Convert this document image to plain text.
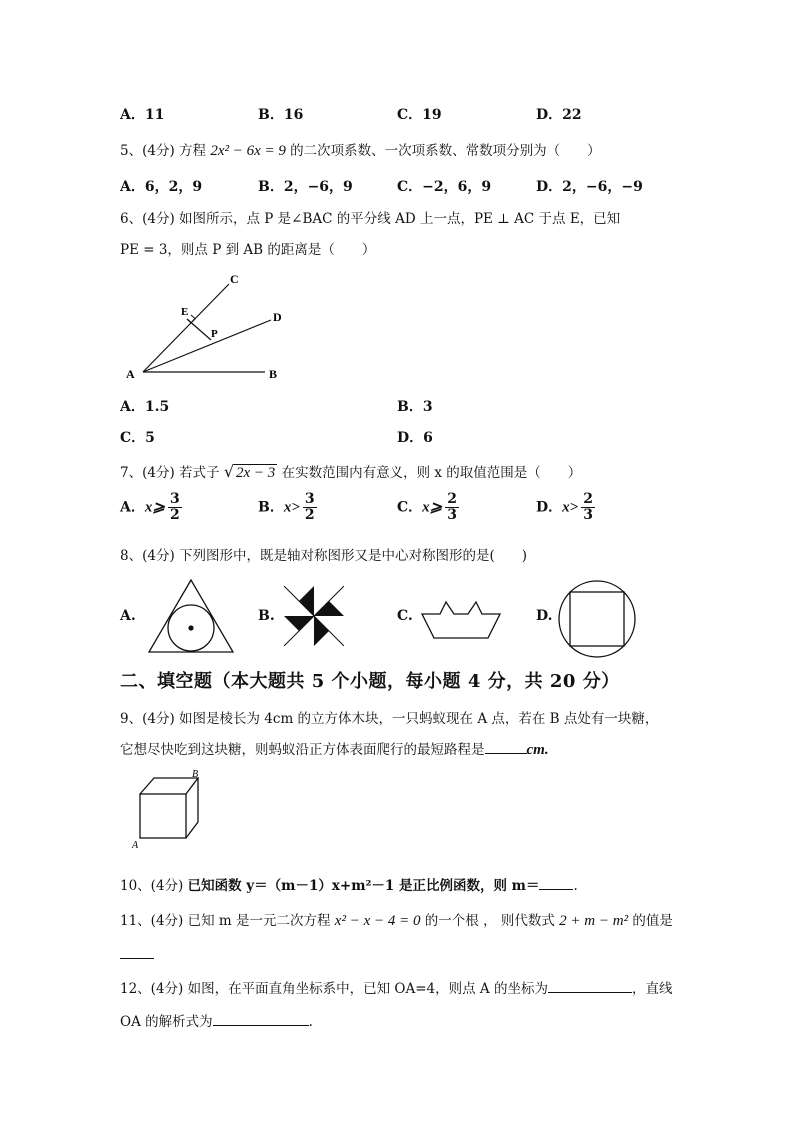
A．11	B．16	C．19	D．22
5、(4分) 方程 2x² − 6x = 9 的二次项系数、一次项系数、常数项分别为（　　）
A．6，2，9	B．2，−6，9	C．−2，6，9	D．2，−6，−9
6、(4分) 如图所示，点 P 是∠BAC 的平分线 AD 上一点，PE ⊥ AC 于点 E，已知
PE = 3，则点 P 到 AB 的距离是（　　）
A	B
C
D
E
P
A．1.5	B．3
C．5	D．6
7、(4分) 若式子 √ 2x − 3 在实数范围内有意义，则 x 的取值范围是（　　）
A．x⩾ $\frac{3}{2}$	B．$x> \frac{3}{2}$	C．x⩾ $\frac{2}{3}$	D．$x> \frac{2}{3}$
8、(4分) 下列图形中，既是轴对称图形又是中心对称图形的是(　　)
A.	B.	C.	D.
二、填空题（本大题共 5 个小题，每小题 4 分，共 20 分）
9、(4分) 如图是棱长为 4cm 的立方体木块，一只蚂蚁现在 A 点，若在 B 点处有一块糖，
它想尽快吃到这块糖，则蚂蚁沿正方体表面爬行的最短路程是	cm.
A
B
10、(4分) 已知函数 y＝（m－1）x+m²－1 是正比例函数，则 m＝	.
11、(4分) 已知 m 是一元二次方程 x² − x − 4 = 0 的一个根 ， 则代数式 2 + m − m² 的值是
12、(4分) 如图，在平面直角坐标系中，已知 OA=4，则点 A 的坐标为	，直线
OA 的解析式为	.
